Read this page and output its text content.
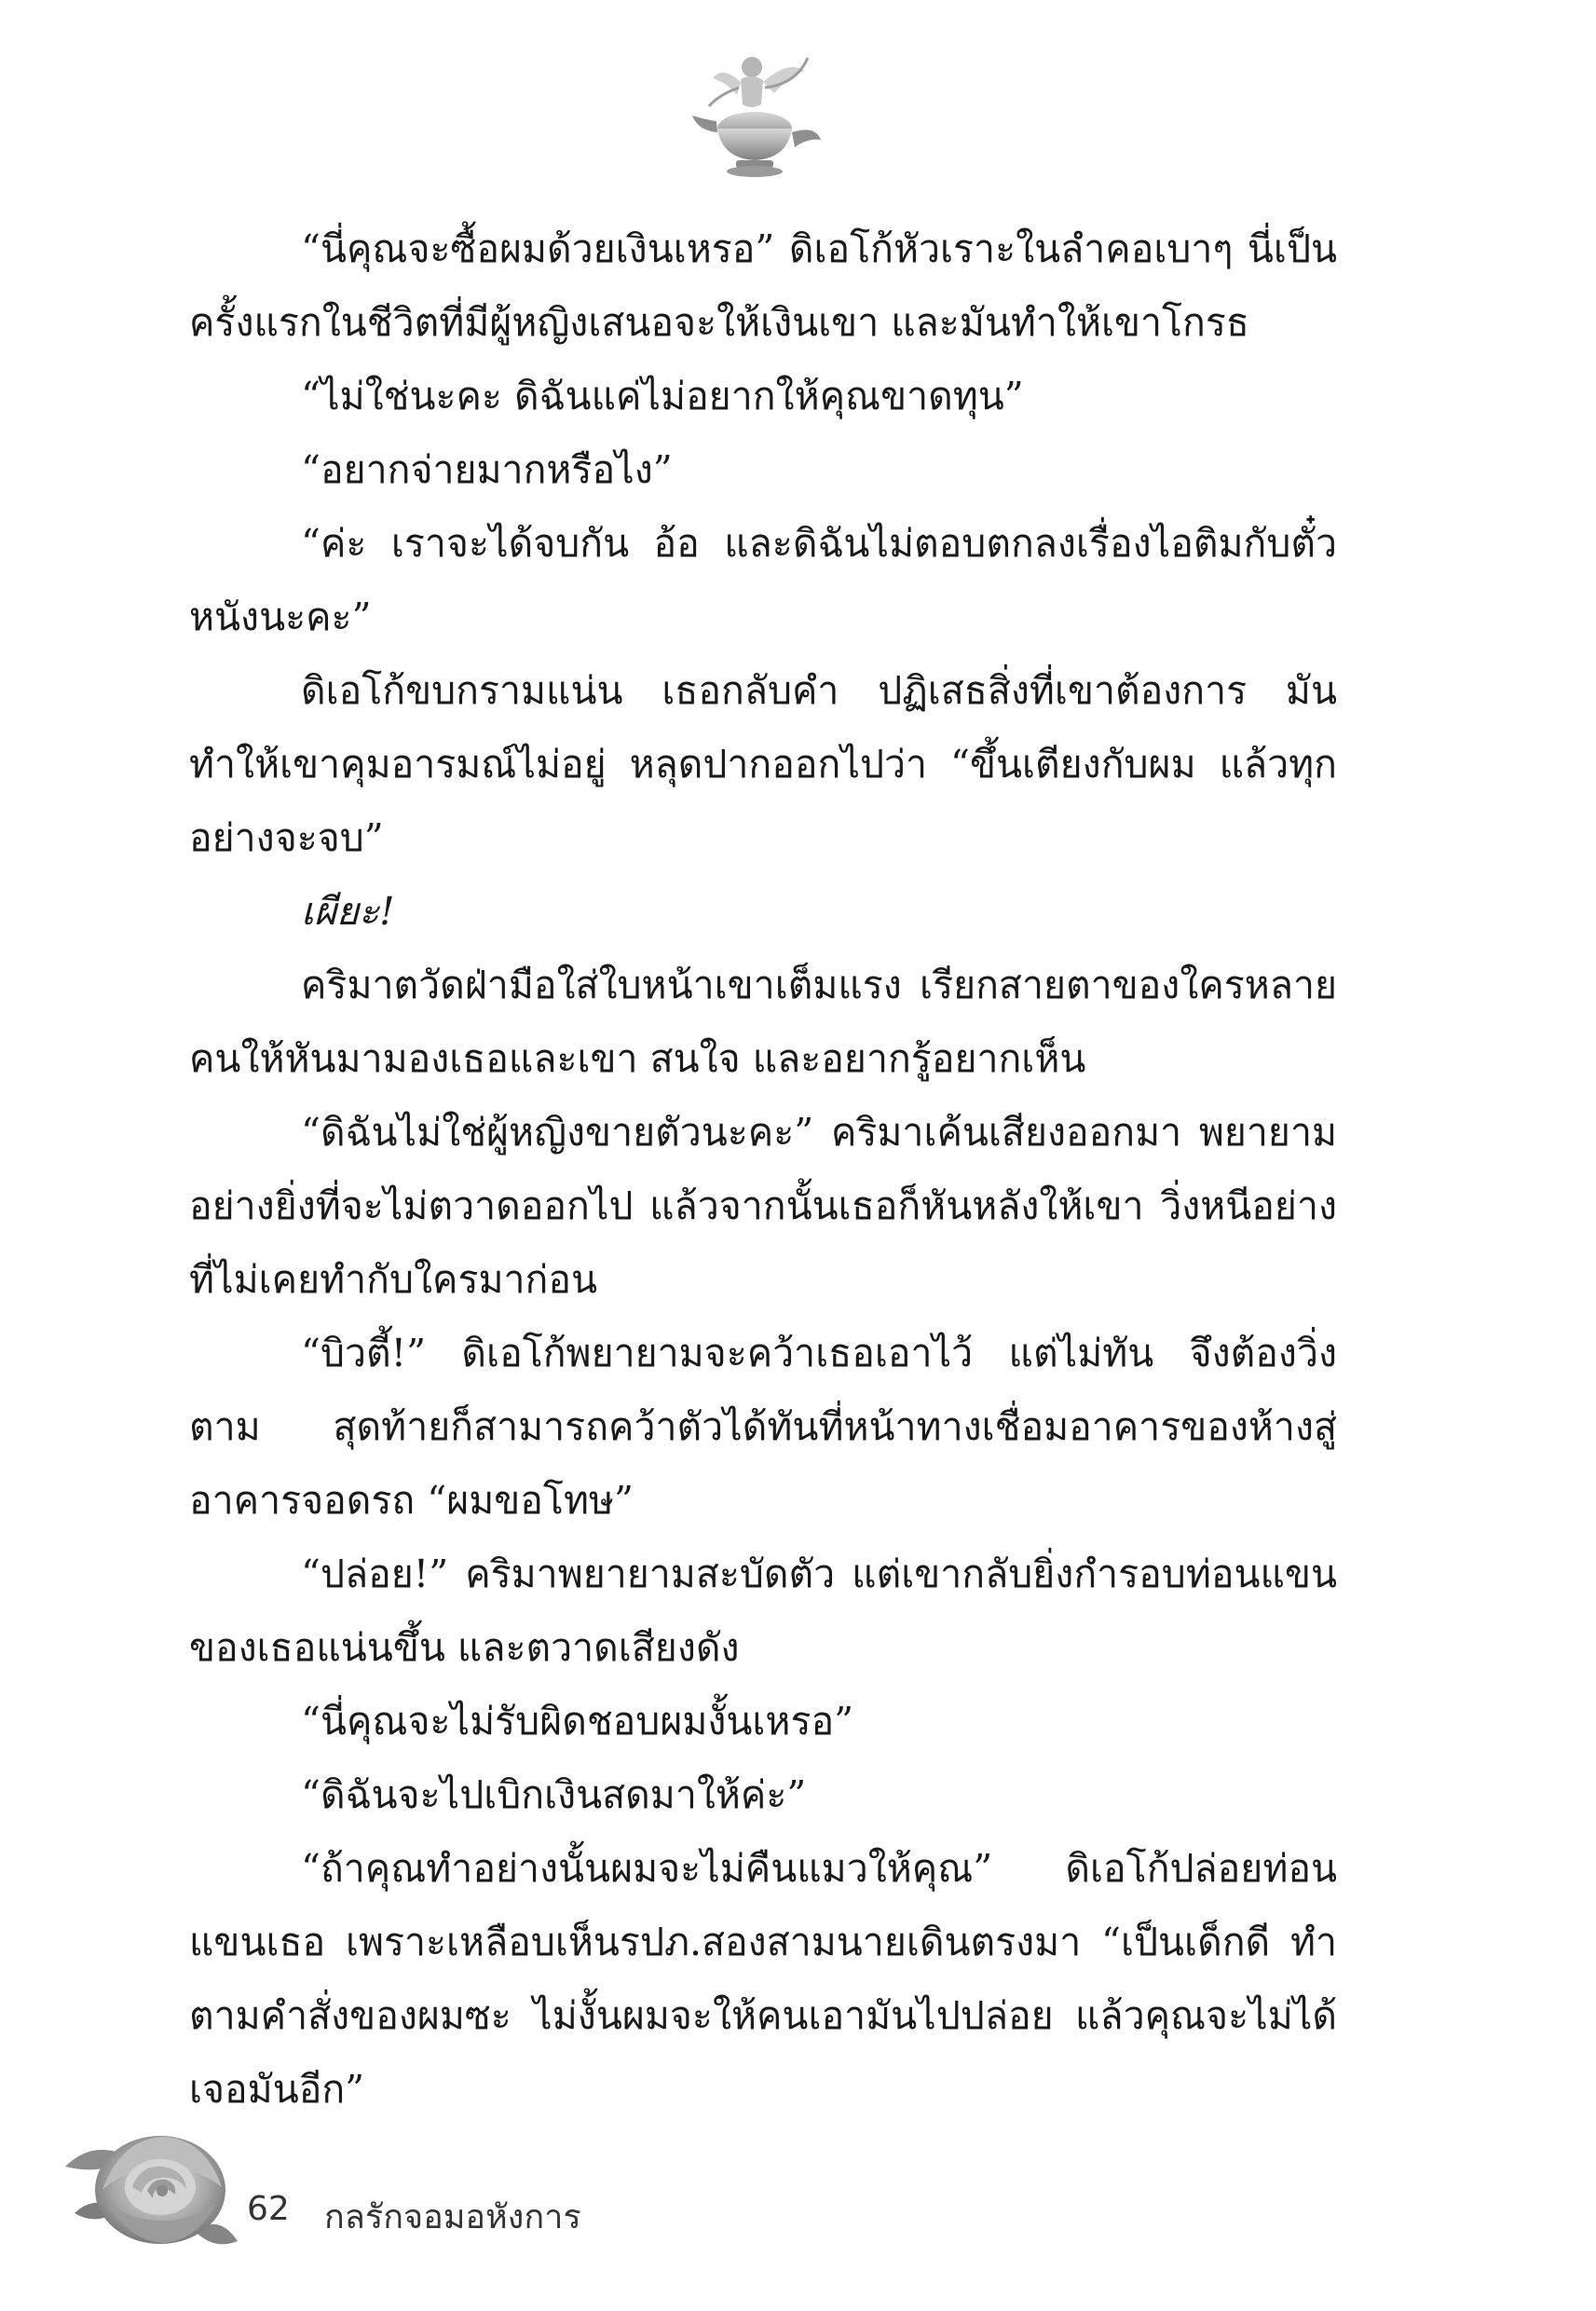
“นี่คุณจะซื้อผมด้วยเงินเหรอ” ดิเอโก้หัวเราะในลำคอเบาๆ นี่เป็นครั้งแรกในชีวิตที่มีผู้หญิงเสนอจะให้เงินเขา และมันทำให้เขาโกรธ

“ไม่ใช่นะคะ ดิฉันแค่ไม่อยากให้คุณขาดทุน”

“อยากจ่ายมากหรือไง”

“ค่ะ เราจะได้จบกัน อ้อ และดิฉันไม่ตอบตกลงเรื่องไอติมกับตั๋วหนังนะคะ”

ดิเอโก้ขบกรามแน่น เธอกลับคำ ปฏิเสธสิ่งที่เขาต้องการ มันทำให้เขาคุมอารมณ์ไม่อยู่ หลุดปากออกไปว่า “ขึ้นเตียงกับผม แล้วทุกอย่างจะจบ”

เผียะ!

คริมาตวัดฝ่ามือใส่ใบหน้าเขาเต็มแรง เรียกสายตาของใครหลายคนให้หันมามองเธอและเขา สนใจ และอยากรู้อยากเห็น

“ดิฉันไม่ใช่ผู้หญิงขายตัวนะคะ” คริมาเค้นเสียงออกมา พยายามอย่างยิ่งที่จะไม่ตวาดออกไป แล้วจากนั้นเธอก็หันหลังให้เขา วิ่งหนีอย่างที่ไม่เคยทำกับใครมาก่อน

“บิวตี้!” ดิเอโก้พยายามจะคว้าเธอเอาไว้ แต่ไม่ทัน จึงต้องวิ่งตาม สุดท้ายก็สามารถคว้าตัวได้ทันที่หน้าทางเชื่อมอาคารของห้างสู่อาคารจอดรถ “ผมขอโทษ”

“ปล่อย!” คริมาพยายามสะบัดตัว แต่เขากลับยิ่งกำรอบท่อนแขนของเธอแน่นขึ้น และตวาดเสียงดัง

“นี่คุณจะไม่รับผิดชอบผมงั้นเหรอ”

“ดิฉันจะไปเบิกเงินสดมาให้ค่ะ”

“ถ้าคุณทำอย่างนั้นผมจะไม่คืนแมวให้คุณ” ดิเอโก้ปล่อยท่อนแขนเธอ เพราะเหลือบเห็นรปภ.สองสามนายเดินตรงมา “เป็นเด็กดี ทำตามคำสั่งของผมซะ ไม่งั้นผมจะให้คนเอามันไปปล่อย แล้วคุณจะไม่ได้เจอมันอีก”

62 กลรักจอมอหังการ
